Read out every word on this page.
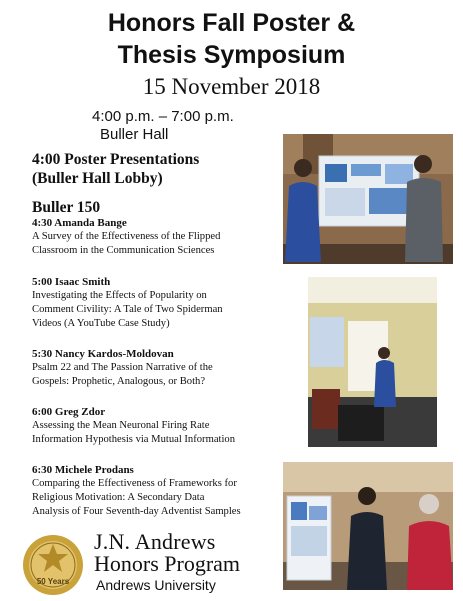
Honors Fall Poster &
Thesis Symposium
15 November 2018
4:00 p.m. – 7:00 p.m.
Buller Hall
4:00 Poster Presentations
(Buller Hall Lobby)
Buller 150
4:30 Amanda Bange
A Survey of the Effectiveness of the Flipped
Classroom in the Communication Sciences
5:00 Isaac Smith
Investigating the Effects of Popularity on
Comment Civility: A Tale of Two Spiderman
Videos (A YouTube Case Study)
5:30 Nancy Kardos-Moldovan
Psalm 22 and The Passion Narrative of the
Gospels: Prophetic, Analogous, or Both?
6:00 Greg Zdor
Assessing the Mean Neuronal Firing Rate
Information Hypothesis via Mutual Information
6:30 Michele Prodans
Comparing the Effectiveness of Frameworks for
Religious Motivation: A Secondary Data
Analysis of Four Seventh-day Adventist Samples
50 Years
J.N. Andrews
Honors Program
Andrews University
